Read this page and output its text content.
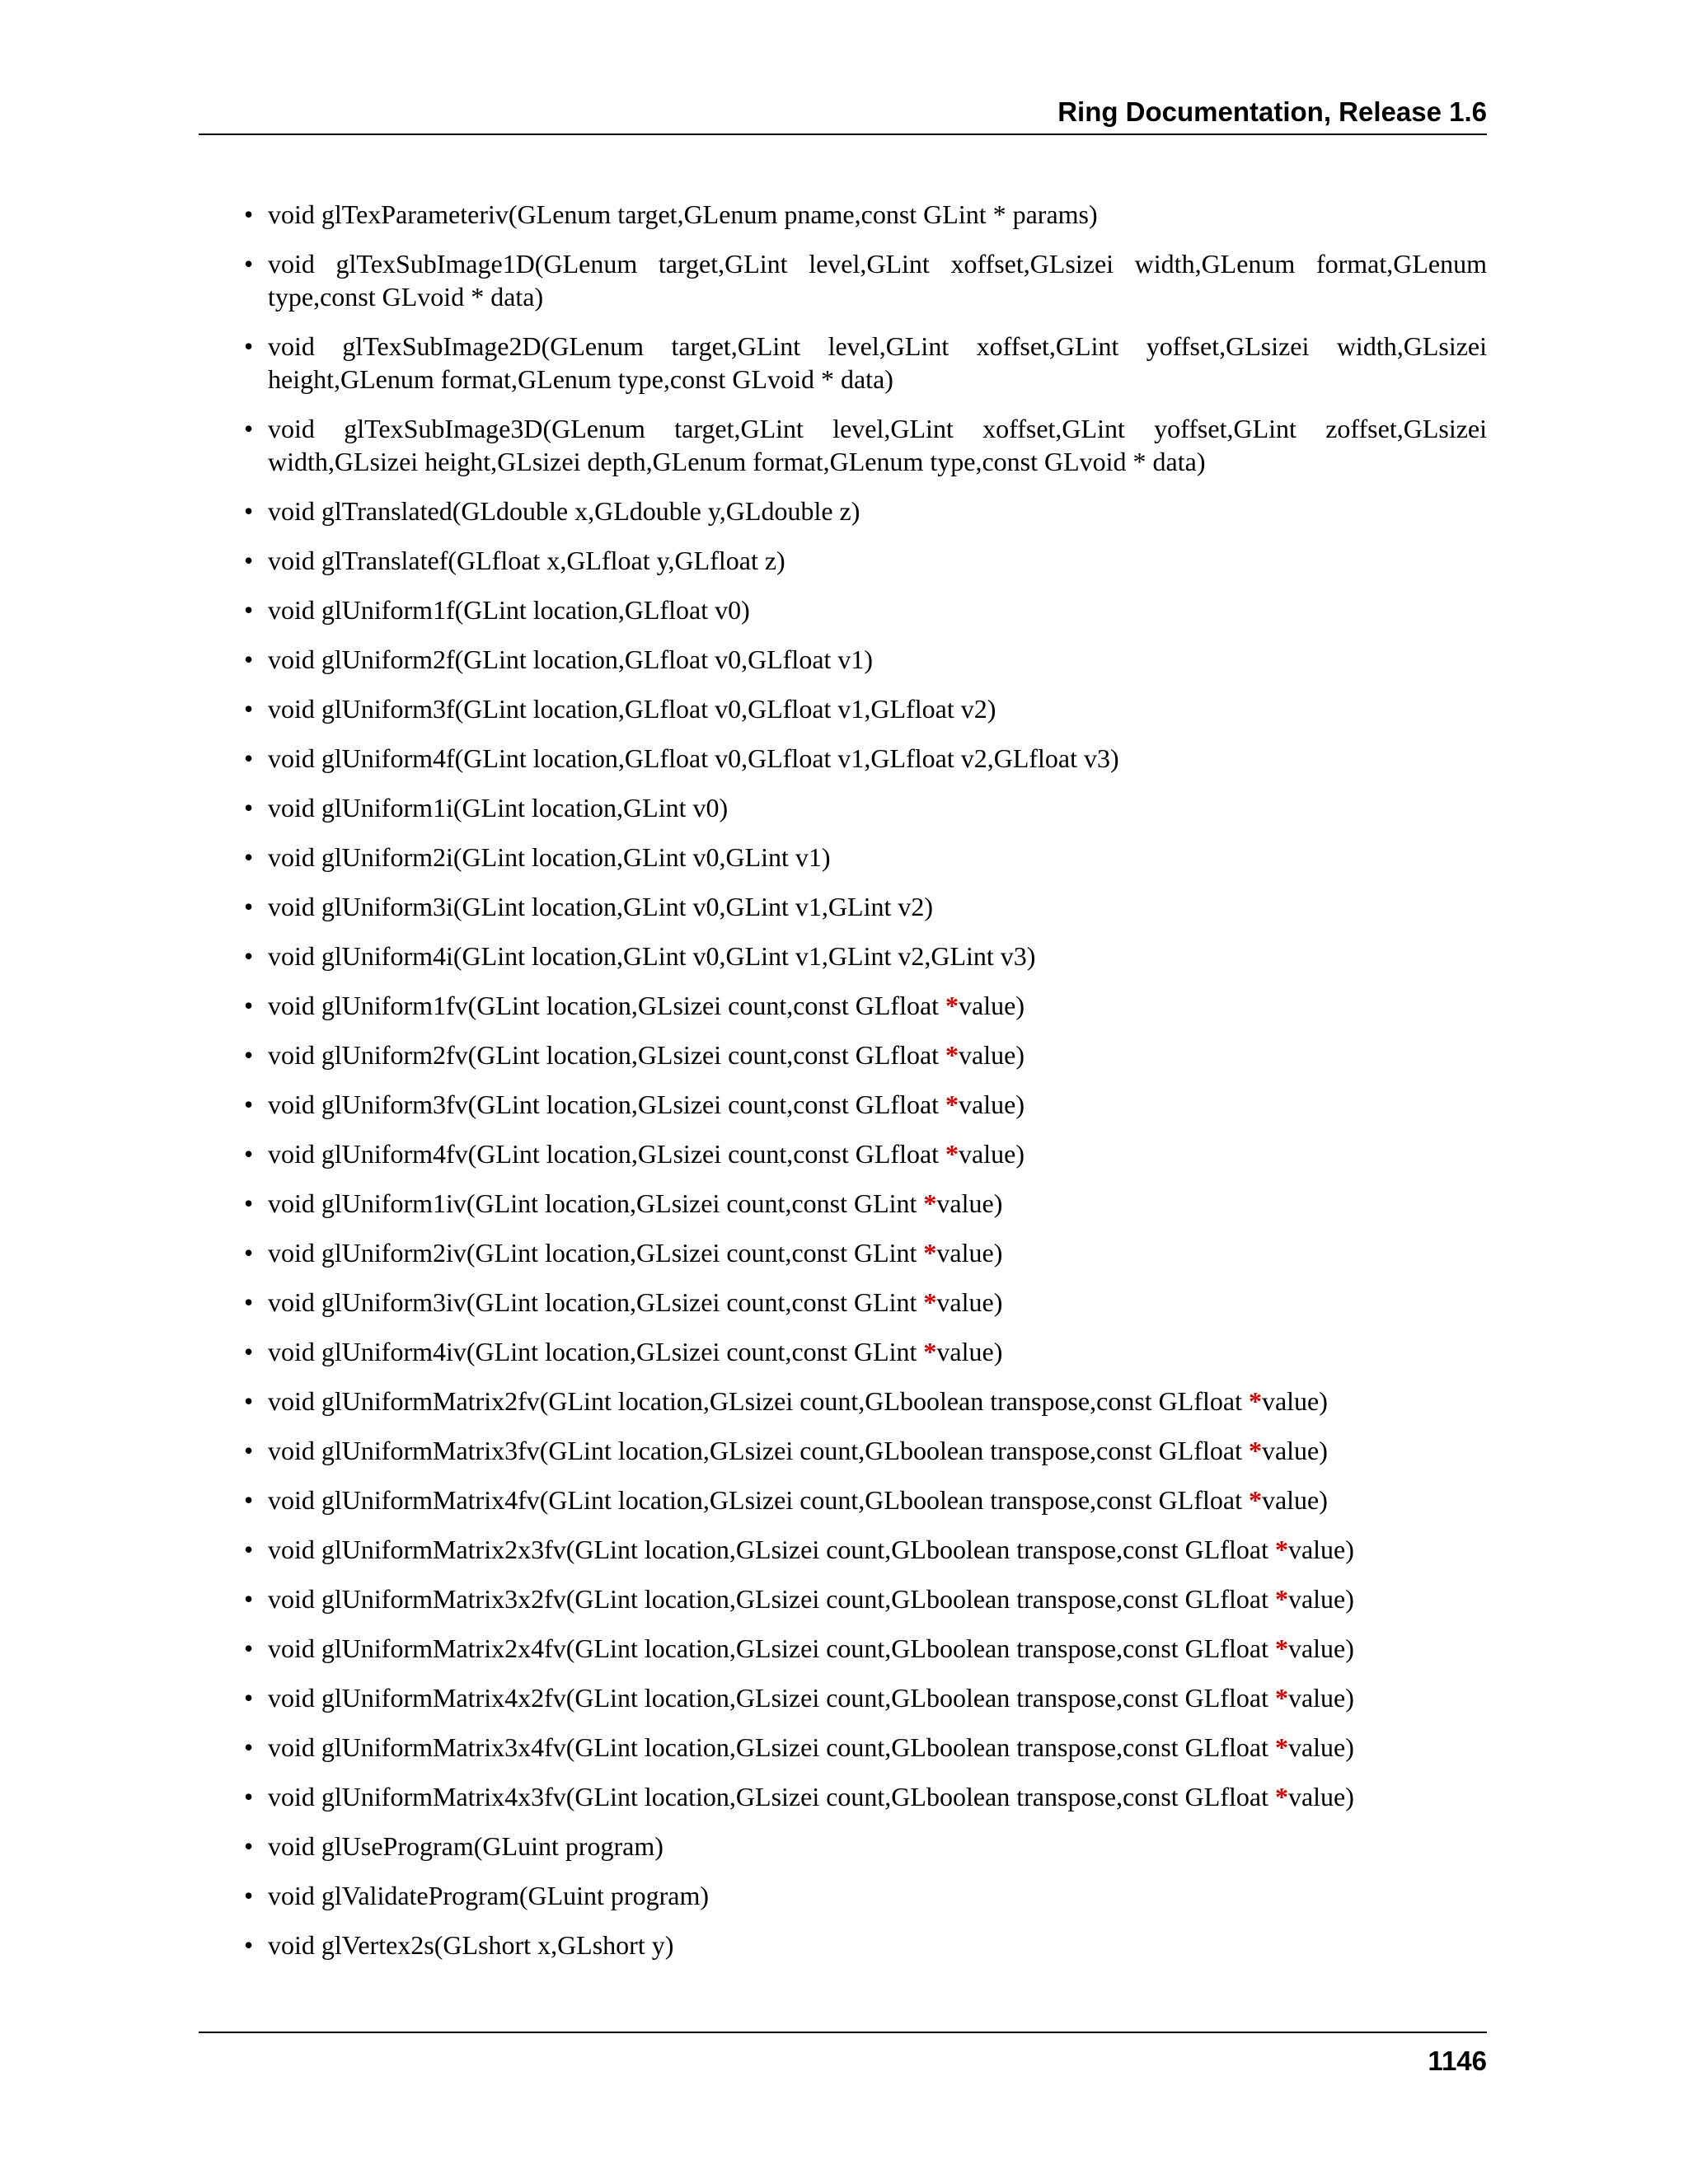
Ring Documentation, Release 1.6
• void glTexParameteriv(GLenum target,GLenum pname,const GLint * params)
• void glTexSubImage1D(GLenum target,GLint level,GLint xoffset,GLsizei width,GLenum format,GLenum type,const GLvoid * data)
• void glTexSubImage2D(GLenum target,GLint level,GLint xoffset,GLint yoffset,GLsizei width,GLsizei height,GLenum format,GLenum type,const GLvoid * data)
• void glTexSubImage3D(GLenum target,GLint level,GLint xoffset,GLint yoffset,GLint zoffset,GLsizei width,GLsizei height,GLsizei depth,GLenum format,GLenum type,const GLvoid * data)
• void glTranslated(GLdouble x,GLdouble y,GLdouble z)
• void glTranslatef(GLfloat x,GLfloat y,GLfloat z)
• void glUniform1f(GLint location,GLfloat v0)
• void glUniform2f(GLint location,GLfloat v0,GLfloat v1)
• void glUniform3f(GLint location,GLfloat v0,GLfloat v1,GLfloat v2)
• void glUniform4f(GLint location,GLfloat v0,GLfloat v1,GLfloat v2,GLfloat v3)
• void glUniform1i(GLint location,GLint v0)
• void glUniform2i(GLint location,GLint v0,GLint v1)
• void glUniform3i(GLint location,GLint v0,GLint v1,GLint v2)
• void glUniform4i(GLint location,GLint v0,GLint v1,GLint v2,GLint v3)
• void glUniform1fv(GLint location,GLsizei count,const GLfloat *value)
• void glUniform2fv(GLint location,GLsizei count,const GLfloat *value)
• void glUniform3fv(GLint location,GLsizei count,const GLfloat *value)
• void glUniform4fv(GLint location,GLsizei count,const GLfloat *value)
• void glUniform1iv(GLint location,GLsizei count,const GLint *value)
• void glUniform2iv(GLint location,GLsizei count,const GLint *value)
• void glUniform3iv(GLint location,GLsizei count,const GLint *value)
• void glUniform4iv(GLint location,GLsizei count,const GLint *value)
• void glUniformMatrix2fv(GLint location,GLsizei count,GLboolean transpose,const GLfloat *value)
• void glUniformMatrix3fv(GLint location,GLsizei count,GLboolean transpose,const GLfloat *value)
• void glUniformMatrix4fv(GLint location,GLsizei count,GLboolean transpose,const GLfloat *value)
• void glUniformMatrix2x3fv(GLint location,GLsizei count,GLboolean transpose,const GLfloat *value)
• void glUniformMatrix3x2fv(GLint location,GLsizei count,GLboolean transpose,const GLfloat *value)
• void glUniformMatrix2x4fv(GLint location,GLsizei count,GLboolean transpose,const GLfloat *value)
• void glUniformMatrix4x2fv(GLint location,GLsizei count,GLboolean transpose,const GLfloat *value)
• void glUniformMatrix3x4fv(GLint location,GLsizei count,GLboolean transpose,const GLfloat *value)
• void glUniformMatrix4x3fv(GLint location,GLsizei count,GLboolean transpose,const GLfloat *value)
• void glUseProgram(GLuint program)
• void glValidateProgram(GLuint program)
• void glVertex2s(GLshort x,GLshort y)
1146
